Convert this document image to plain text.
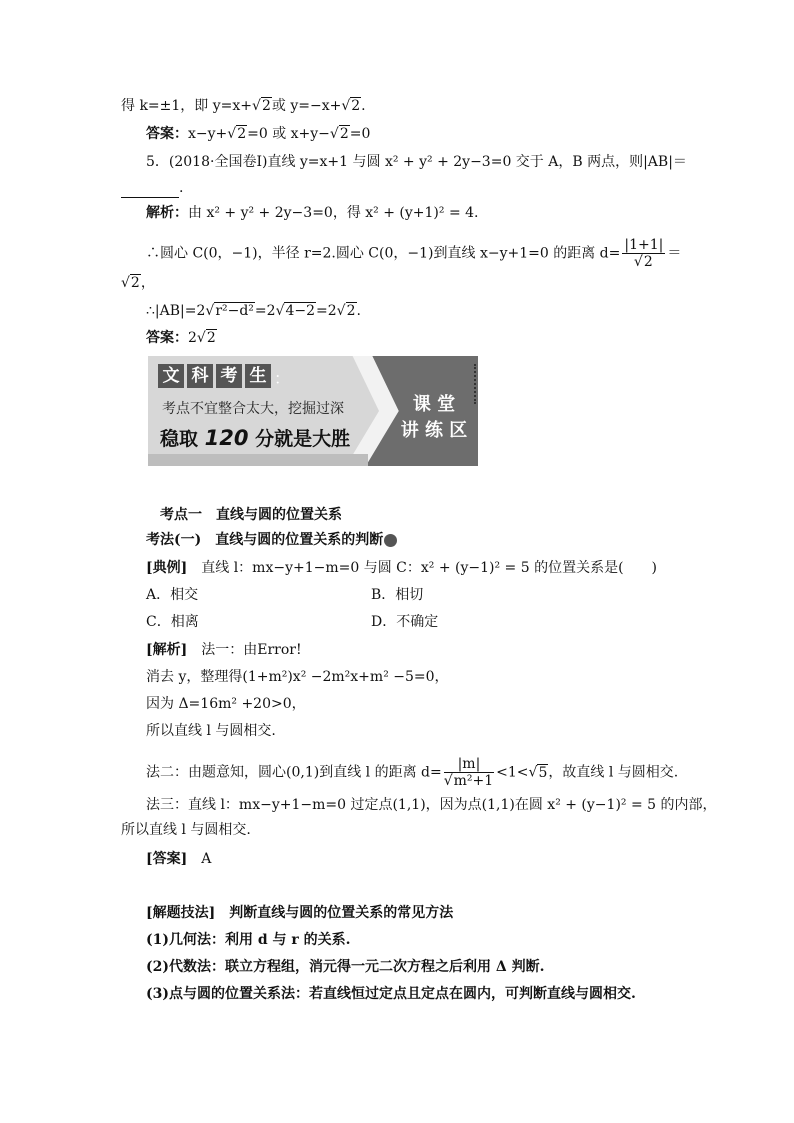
得 k=±1，即 y=x+√2或 y=−x+√2.
答案：x−y+√2=0 或 x+y−√2=0
5．(2018·全国卷Ⅰ)直线 y=x+1 与圆 x² + y² + 2y−3=0 交于 A，B 两点，则|AB|＝
.
解析：由 x² + y² + 2y−3=0，得 x² + (y+1)² = 4.
∴圆心 C(0，−1)，半径 r=2.圆心 C(0，−1)到直线 x−y+1=0 的距离 $d= \frac{|1+1|}{√2}$ ＝
√2，
∴|AB|=2√r²−d²=2√4−2=2√2.
答案：2√2
文 科 考 生 ：
考点不宜整合太大，挖掘过深
稳取 120 分就是大胜
课 堂
讲 练 区
考点一　直线与圆的位置关系
考法(一)　直线与圆的位置关系的判断
[典例]　 直线 l：mx−y+1−m=0 与圆 C：x² + (y−1)² = 5 的位置关系是(　　)
A．相交	B．相切
C．相离	D．不确定
[解析]　 法一：由Error!
消去 y，整理得(1+m²)x² −2m²x+m² −5=0，
因为 Δ=16m² +20>0，
所以直线 l 与圆相交.
法二：由题意知，圆心(0,1)到直线 l 的距离 $d= \frac{|m|}{\text{√m²+1}} <1<√5$，故直线 l 与圆相交.
法三：直线 l：mx−y+1−m=0 过定点(1,1)，因为点(1,1)在圆 x² + (y−1)² = 5 的内部，
所以直线 l 与圆相交.
[答案]　 A
[解题技法]　 判断直线与圆的位置关系的常见方法
(1)几何法：利用 d 与 r 的关系.
(2)代数法：联立方程组，消元得一元二次方程之后利用 Δ 判断.
(3)点与圆的位置关系法：若直线恒过定点且定点在圆内，可判断直线与圆相交.
